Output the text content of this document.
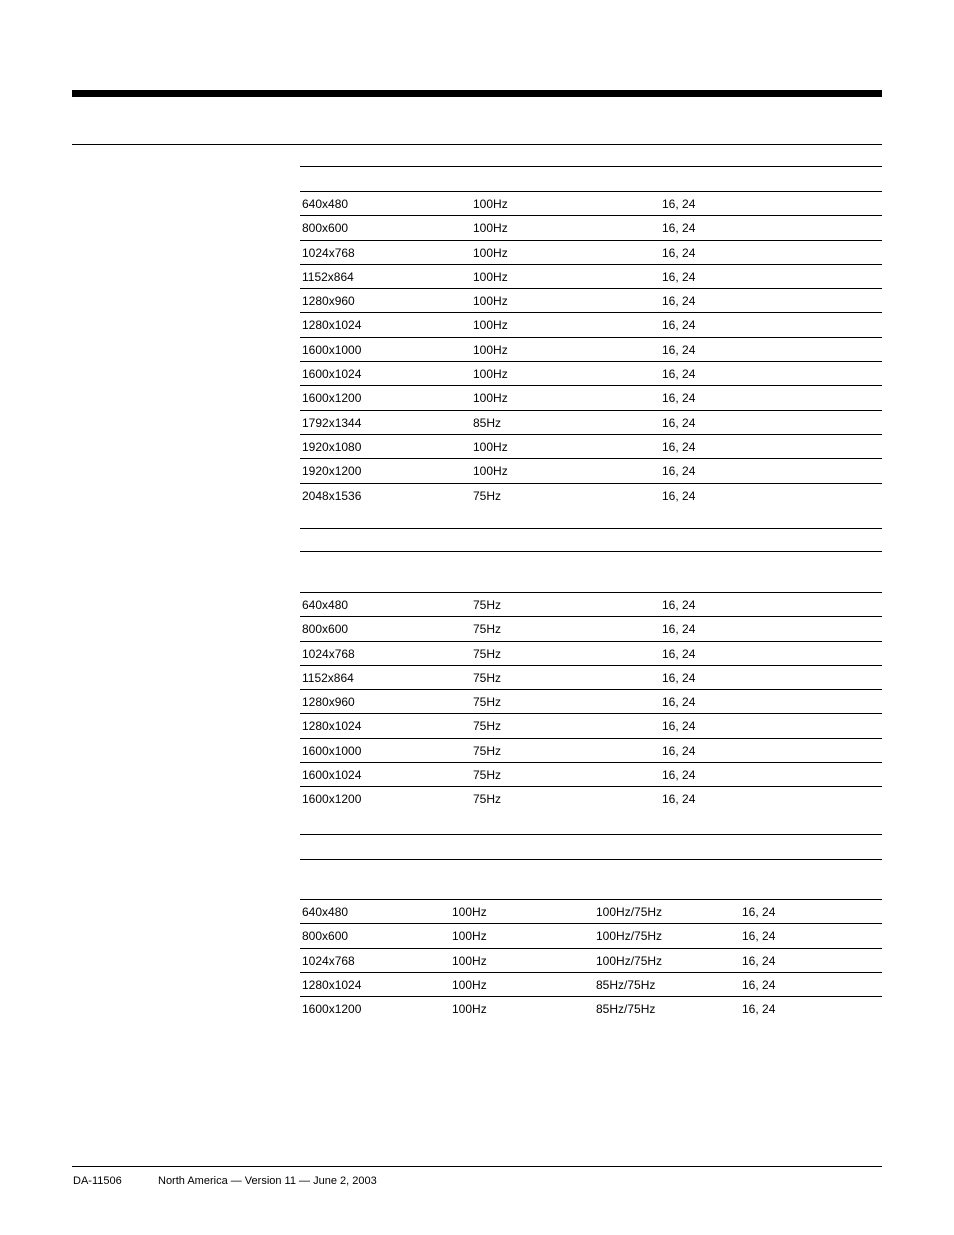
640x480	100Hz	16, 24
800x600	100Hz	16, 24
1024x768	100Hz	16, 24
1152x864	100Hz	16, 24
1280x960	100Hz	16, 24
1280x1024	100Hz	16, 24
1600x1000	100Hz	16, 24
1600x1024	100Hz	16, 24
1600x1200	100Hz	16, 24
1792x1344	85Hz	16, 24
1920x1080	100Hz	16, 24
1920x1200	100Hz	16, 24
2048x1536	75Hz	16, 24
640x480	75Hz	16, 24
800x600	75Hz	16, 24
1024x768	75Hz	16, 24
1152x864	75Hz	16, 24
1280x960	75Hz	16, 24
1280x1024	75Hz	16, 24
1600x1000	75Hz	16, 24
1600x1024	75Hz	16, 24
1600x1200	75Hz	16, 24
640x480	100Hz	100Hz/75Hz	16, 24
800x600	100Hz	100Hz/75Hz	16, 24
1024x768	100Hz	100Hz/75Hz	16, 24
1280x1024	100Hz	85Hz/75Hz	16, 24
1600x1200	100Hz	85Hz/75Hz	16, 24
DA-11506	North America — Version 11 — June 2, 2003
